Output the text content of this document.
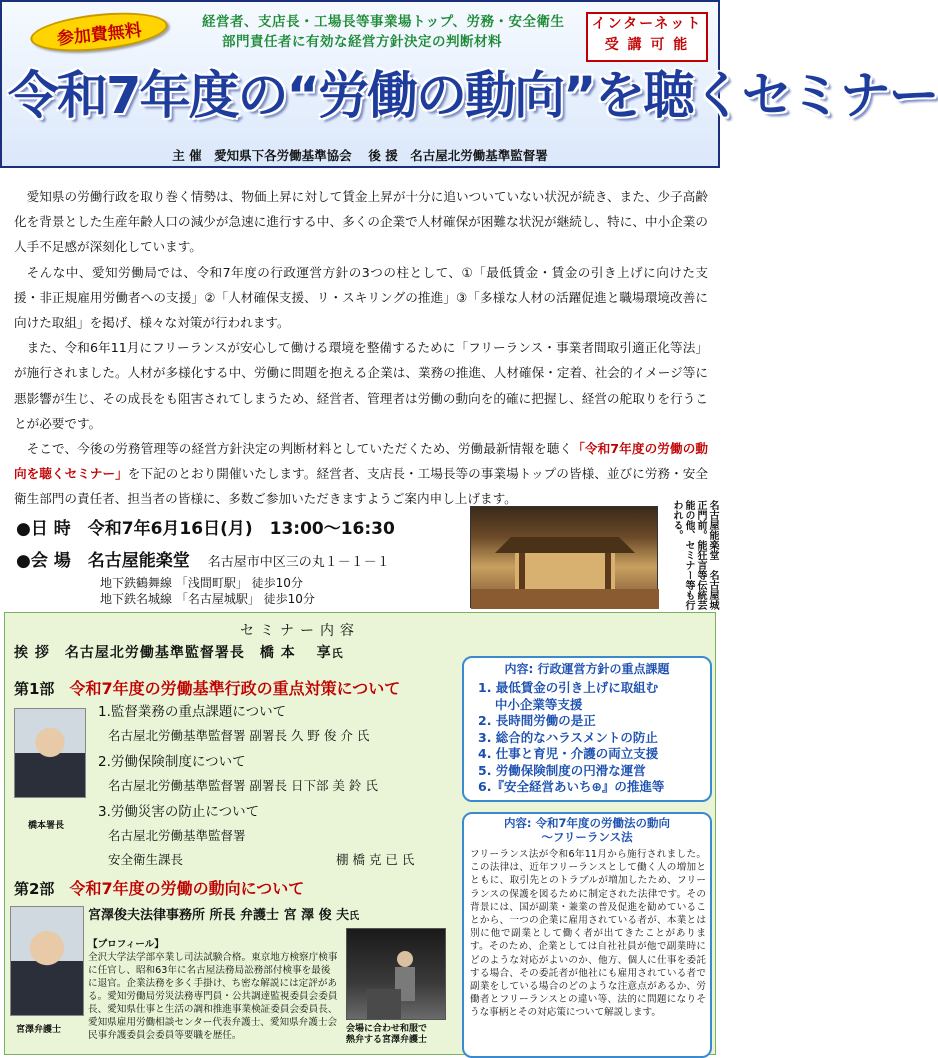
参加費無料	経営者、支店長・工場長等事業場トップ、労務・安全衛生
部門責任者に有効な経営方針決定の判断材料
インターネット
受 講 可 能
令和7年度の“労働の動向”を聴くセミナー
主 催　愛知県下各労働基準協会　 後 援　名古屋北労働基準監督署

愛知県の労働行政を取り巻く情勢は、物価上昇に対して賃金上昇が十分に追いついていない状況が続き、また、少子高齢化を背景とした生産年齢人口の減少が急速に進行する中、多くの企業で人材確保が困難な状況が継続し、特に、中小企業の人手不足感が深刻化しています。

そんな中、愛知労働局では、令和7年度の行政運営方針の3つの柱として、①「最低賃金・賃金の引き上げに向けた支援・非正規雇用労働者への支援」②「人材確保支援、リ・スキリングの推進」③「多様な人材の活躍促進と職場環境改善に向けた取組」を掲げ、様々な対策が行われます。

また、令和6年11月にフリーランスが安心して働ける環境を整備するために「フリーランス・事業者間取引適正化等法」が施行されました。人材が多様化する中、労働に問題を抱える企業は、業務の推進、人材確保・定着、社会的イメージ等に悪影響が生じ、その成長をも阻害されてしまうため、経営者、管理者は労働の動向を的確に把握し、経営の舵取りを行うことが必要です。

そこで、今後の労務管理等の経営方針決定の判断材料としていただくため、労働最新情報を聴く「令和7年度の労働の動向を聴くセミナー」を下記のとおり開催いたします。経営者、支店長・工場長等の事業場トップの皆様、並びに労務・安全衛生部門の責任者、担当者の皆様に、多数ご参加いただきますようご案内申し上げます。

●日 時　 令和7年6月16日(月)　13:00～16:30
●会 場　 名古屋能楽堂 名古屋市中区三の丸１－１－１
地下鉄鶴舞線 「浅間町駅」 徒歩10分
地下鉄名城線 「名古屋城駅」 徒歩10分	名古屋能楽堂　名古屋城正門前。能狂言等伝統芸能の他、セミナー等も行われる。
セミナー内容
挨 拶　 名古屋北労働基準監督署長　橋 本　 享氏
第1部　 令和7年度の労働基準行政の重点対策について
1.監督業務の重点課題について
名古屋北労働基準監督署 副署長 久 野 俊 介 氏
2.労働保険制度について
名古屋北労働基準監督署 副署長 日下部 美 鈴 氏
3.労働災害の防止について
名古屋北労働基準監督署
安全衛生課長	棚 橋 克 已 氏
橋本署長
第2部　 令和7年度の労働の動向について
宮澤俊夫法律事務所 所長 弁護士 宮 澤 俊 夫氏
【プロフィール】
全沢大学法学部卒業し司法試験合格。東京地方検察庁検事に任官し、昭和63年に名古屋法務局訟務部付検事を最後に退官。企業法務を多く手掛け、ち密な解説には定評がある。愛知労働局労災法務専門員・公共調達監視委員会委員長、愛知県仕事と生活の調和推進事業検証委員会委員長、愛知県雇用労働相談センター代表弁護士、愛知県弁護士会民事弁護委員会委員等要職を歴任。
宮澤弁護士	会場に合わせ和服で
熱弁する宮澤弁護士
内容: 行政運営方針の重点課題
1. 最低賃金の引き上げに取組む
　 中小企業等支援
2. 長時間労働の是正
3. 総合的なハラスメントの防止
4. 仕事と育児・介護の両立支援
5. 労働保険制度の円滑な運営
6.『安全経営あいち⊕』の推進等
内容: 令和7年度の労働法の動向
～フリーランス法
フリーランス法が令和6年11月から施行されました。この法律は、近年フリーランスとして働く人の増加とともに、取引先とのトラブルが増加したため、フリーランスの保護を図るために制定された法律です。その背景には、国が副業・兼業の普及促進を勧めていることから、一つの企業に雇用されている者が、本業とは別に他で副業として働く者が出てきたことがあります。そのため、企業としては自社社員が他で副業時にどのような対応がよいのか、他方、個人に仕事を委託する場合、その委託者が他社にも雇用されている者で副業をしている場合のどのような注意点があるか、労働者とフリーランスとの違い等、法的に問題になりそうな事柄とその対応策について解説します。
